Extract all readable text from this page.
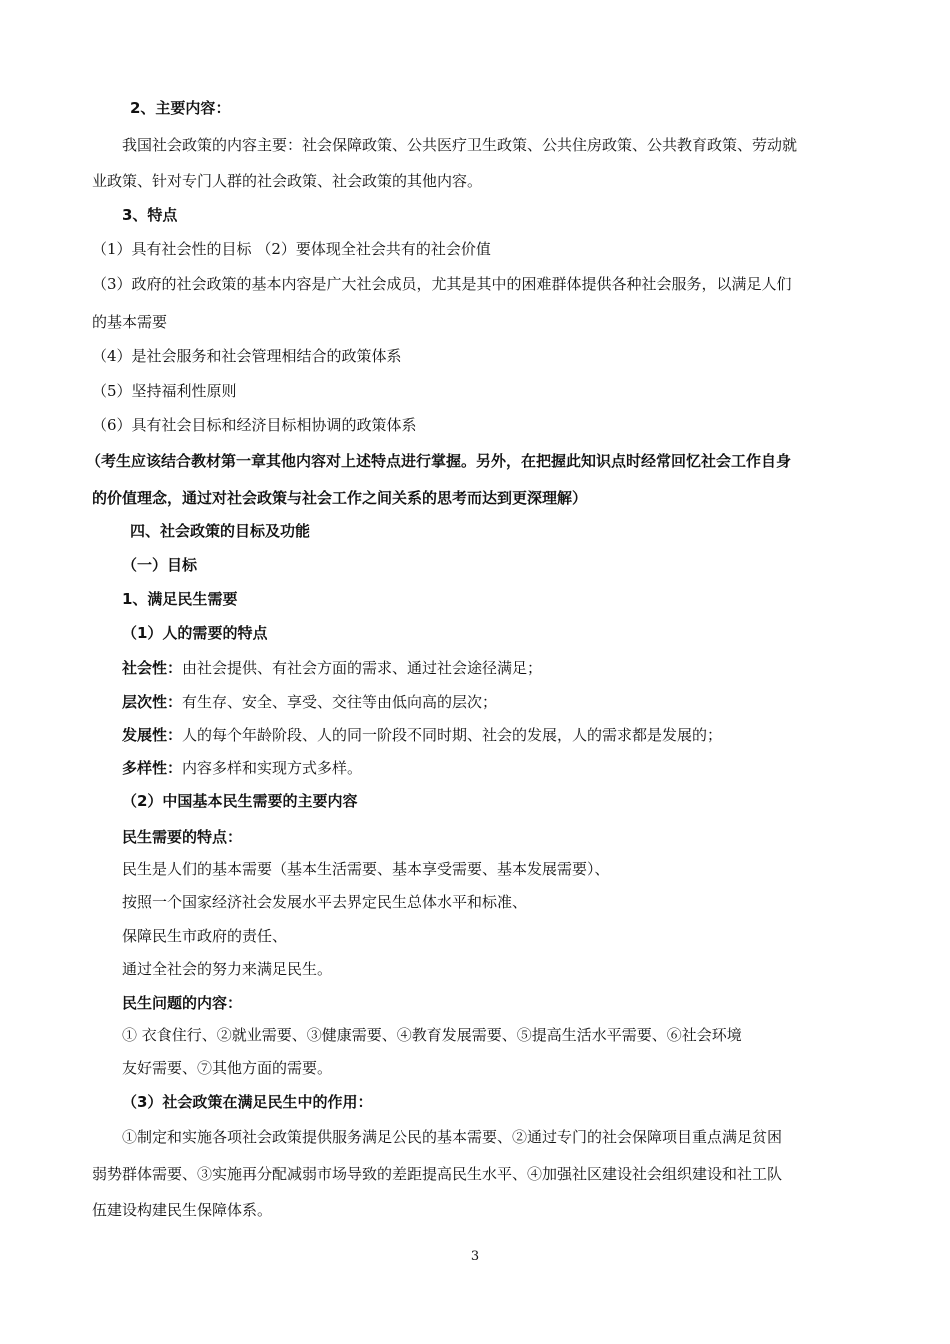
2、主要内容：
我国社会政策的内容主要：社会保障政策、公共医疗卫生政策、公共住房政策、公共教育政策、劳动就
业政策、针对专门人群的社会政策、社会政策的其他内容。
3、特点
（1）具有社会性的目标 （2）要体现全社会共有的社会价值
（3）政府的社会政策的基本内容是广大社会成员，尤其是其中的困难群体提供各种社会服务，以满足人们
的基本需要
（4）是社会服务和社会管理相结合的政策体系
（5）坚持福利性原则
（6）具有社会目标和经济目标相协调的政策体系
（考生应该结合教材第一章其他内容对上述特点进行掌握。另外，在把握此知识点时经常回忆社会工作自身
的价值理念，通过对社会政策与社会工作之间关系的思考而达到更深理解）
四、社会政策的目标及功能
（一）目标
1、满足民生需要
（1）人的需要的特点
社会性：由社会提供、有社会方面的需求、通过社会途径满足；
层次性：有生存、安全、享受、交往等由低向高的层次；
发展性：人的每个年龄阶段、人的同一阶段不同时期、社会的发展，人的需求都是发展的；
多样性：内容多样和实现方式多样。
（2）中国基本民生需要的主要内容
民生需要的特点：
民生是人们的基本需要（基本生活需要、基本享受需要、基本发展需要）、
按照一个国家经济社会发展水平去界定民生总体水平和标准、
保障民生市政府的责任、
通过全社会的努力来满足民生。
民生问题的内容：
① 衣食住行、②就业需要、③健康需要、④教育发展需要、⑤提高生活水平需要、⑥社会环境
友好需要、⑦其他方面的需要。
（3）社会政策在满足民生中的作用：
①制定和实施各项社会政策提供服务满足公民的基本需要、②通过专门的社会保障项目重点满足贫困
弱势群体需要、③实施再分配减弱市场导致的差距提高民生水平、④加强社区建设社会组织建设和社工队
伍建设构建民生保障体系。
3
